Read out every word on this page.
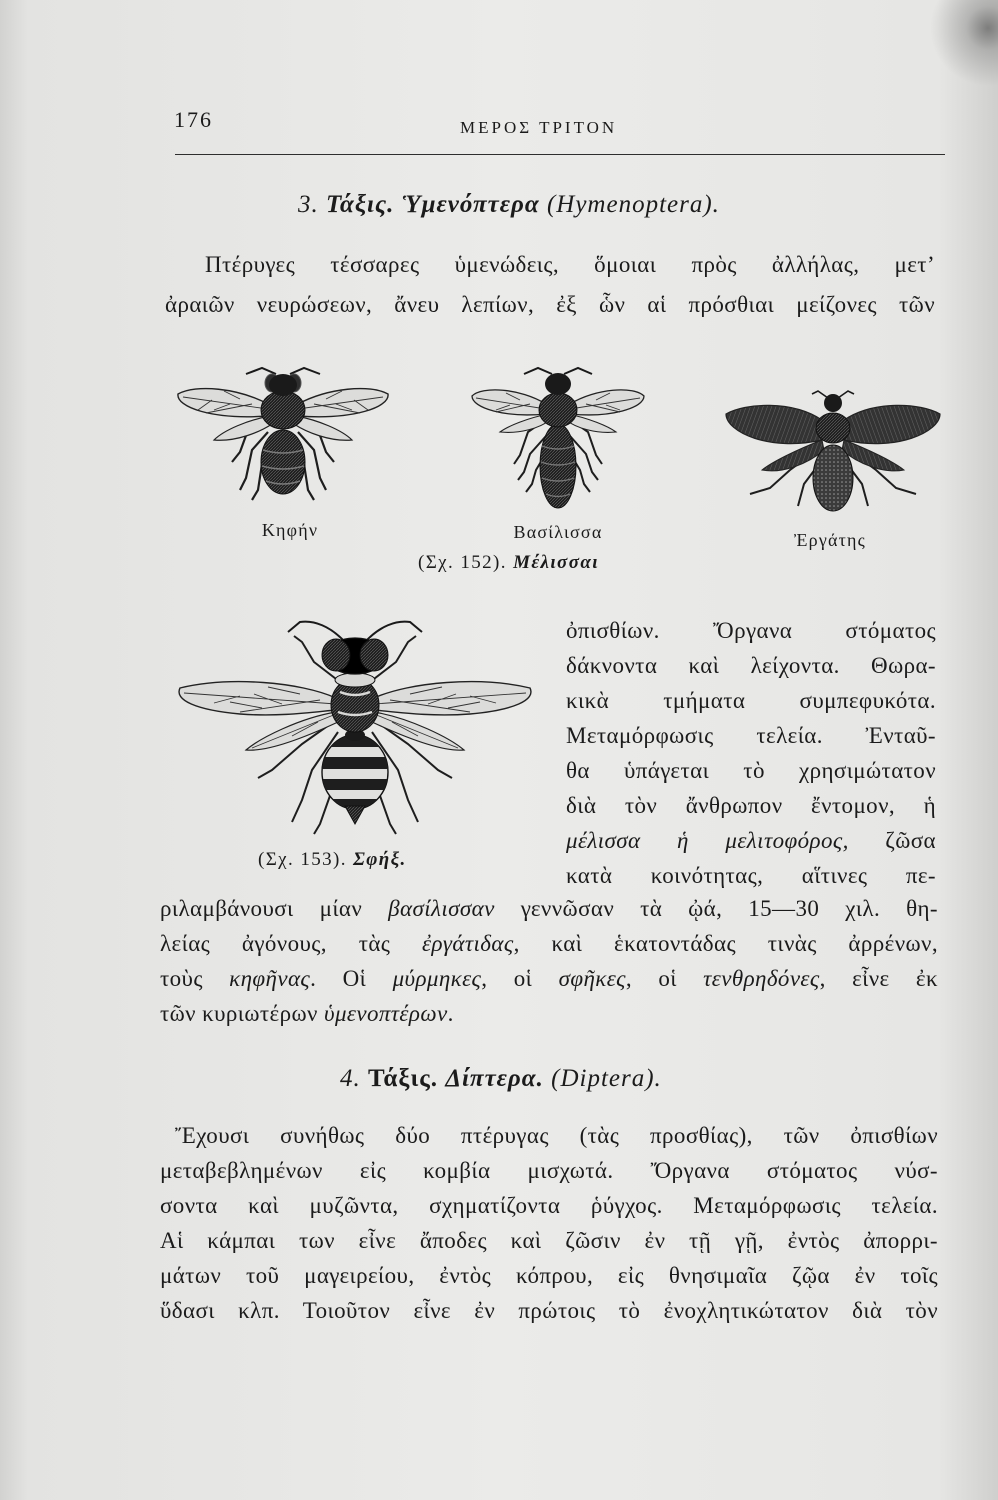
176	ΜΕΡΟΣ ΤΡΙΤΟΝ
3. Τάξις. Ὑμενόπτερα (Hymenoptera).
Πτέρυγες τέσσαρες ὑμενώδεις, ὅμοιαι πρὸς ἀλλήλας, μετ’
ἀραιῶν νευρώσεων, ἄνευ λεπίων, ἐξ ὧν αἱ πρόσθιαι μείζονες τῶν
Κηφήν	Βασίλισσα	Ἐργάτης
(Σχ. 152). Μέλισσαι
(Σχ. 153). Σφήξ.
ὀπισθίων. Ὄργανα στόματος
δάκνοντα καὶ λείχοντα. Θωρα-
κικὰ τμήματα συμπεφυκότα.
Μεταμόρφωσις τελεία. Ἐνταῦ-
θα ὑπάγεται τὸ χρησιμώτατον
διὰ τὸν ἄνθρωπον ἔντομον, ἡ
μέλισσα ἡ μελιτοφόρος, ζῶσα
κατὰ κοινότητας, αἵτινες πε-
ριλαμβάνουσι μίαν βασίλισσαν γεννῶσαν τὰ ᾠά, 15—30 χιλ. θη-
λείας ἀγόνους, τὰς ἐργάτιδας, καὶ ἑκατοντάδας τινὰς ἀρρένων,
τοὺς κηφῆνας. Οἱ μύρμηκες, οἱ σφῆκες, οἱ τενθρηδόνες, εἶνε ἐκ
τῶν κυριωτέρων ὑμενοπτέρων.
4. Τάξις. Δίπτερα. (Diptera).
Ἔχουσι συνήθως δύο πτέρυγας (τὰς προσθίας), τῶν ὀπισθίων
μεταβεβλημένων εἰς κομβία μισχωτά. Ὄργανα στόματος νύσ-
σοντα καὶ μυζῶντα, σχηματίζοντα ῥύγχος. Μεταμόρφωσις τελεία.
Αἱ κάμπαι των εἶνε ἄποδες καὶ ζῶσιν ἐν τῇ γῇ, ἐντὸς ἀπορρι-
μάτων τοῦ μαγειρείου, ἐντὸς κόπρου, εἰς θνησιμαῖα ζῷα ἐν τοῖς
ὕδασι κλπ. Τοιοῦτον εἶνε ἐν πρώτοις τὸ ἐνοχλητικώτατον διὰ τὸν
